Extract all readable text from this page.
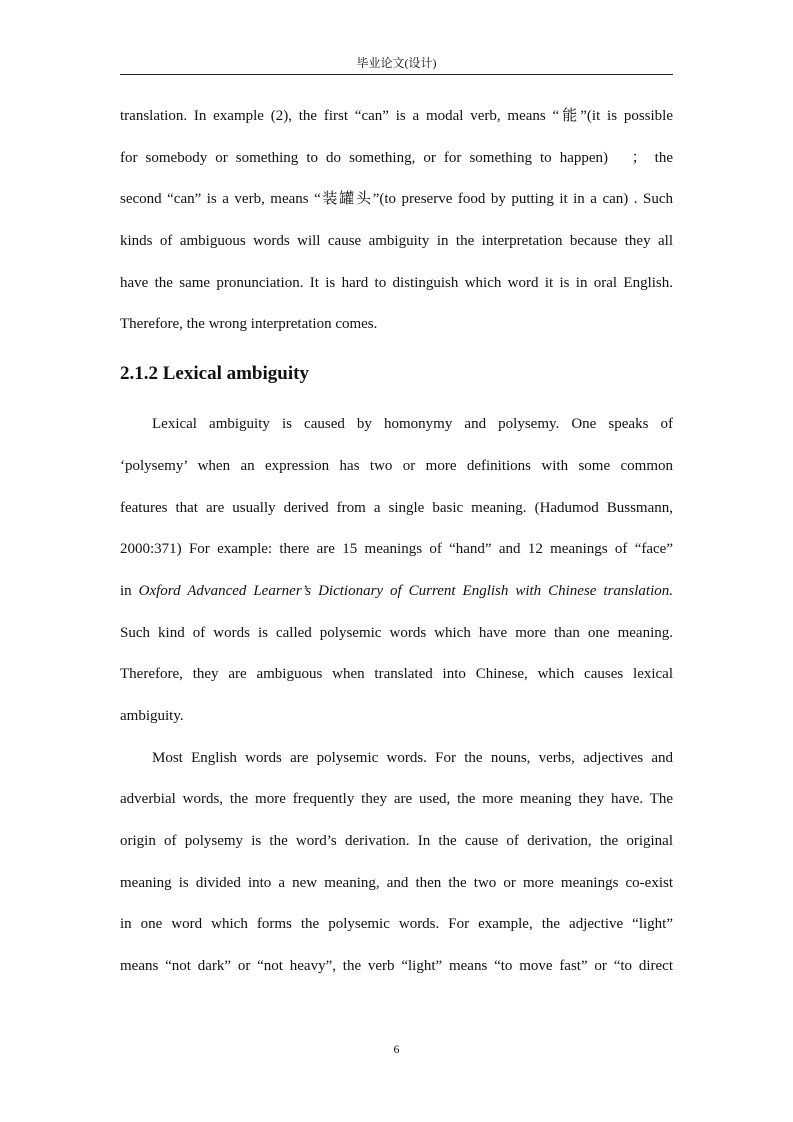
毕业论文(设计)

translation. In example (2), the first “can” is a modal verb, means “能”(it is possible

for somebody or something to do something, or for something to happen)　； the

second “can” is a verb, means “装罐头”(to preserve food by putting it in a can) . Such

kinds of ambiguous words will cause ambiguity in the interpretation because they all

have the same pronunciation. It is hard to distinguish which word it is in oral English.

Therefore, the wrong interpretation comes.

2.1.2 Lexical ambiguity

Lexical ambiguity is caused by homonymy and polysemy. One speaks of

‘polysemy’ when an expression has two or more definitions with some common

features that are usually derived from a single basic meaning. (Hadumod Bussmann,

2000:371) For example: there are 15 meanings of “hand” and 12 meanings of “face”

in Oxford Advanced Learner’s Dictionary of Current English with Chinese translation.

Such kind of words is called polysemic words which have more than one meaning.

Therefore, they are ambiguous when translated into Chinese, which causes lexical

ambiguity.

Most English words are polysemic words. For the nouns, verbs, adjectives and

adverbial words, the more frequently they are used, the more meaning they have. The

origin of polysemy is the word’s derivation. In the cause of derivation, the original

meaning is divided into a new meaning, and then the two or more meanings co-exist

in one word which forms the polysemic words. For example, the adjective “light”

means “not dark” or “not heavy”, the verb “light” means “to move fast” or “to direct

6
